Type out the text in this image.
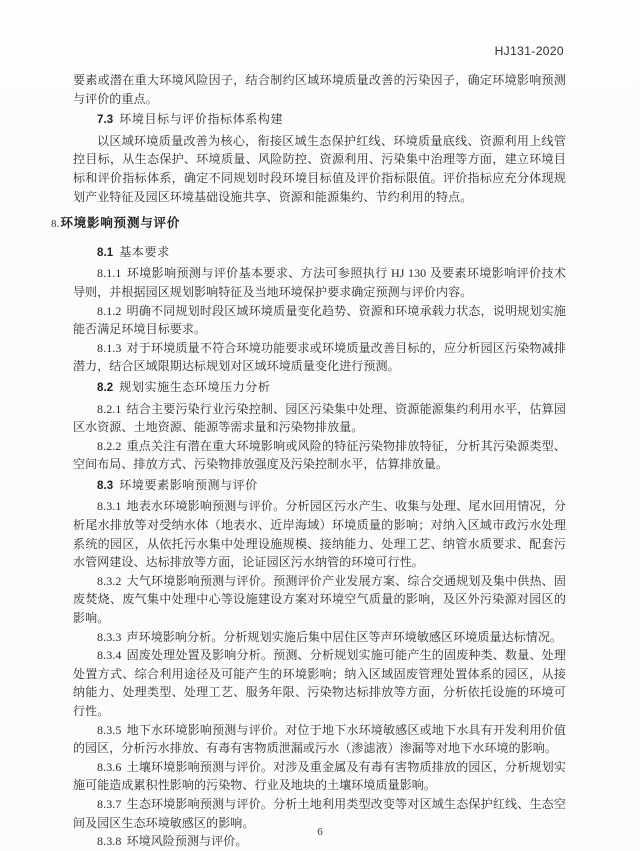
HJ131-2020
要素或潜在重大环境风险因子，结合制约区域环境质量改善的污染因子，确定环境影响预测与评价的重点。
7.3 环境目标与评价指标体系构建
以区域环境质量改善为核心，衔接区域生态保护红线、环境质量底线、资源利用上线管控目标，从生态保护、环境质量、风险防控、资源利用、污染集中治理等方面，建立环境目标和评价指标体系，确定不同规划时段环境目标值及评价指标限值。评价指标应充分体现规划产业特征及园区环境基础设施共享、资源和能源集约、节约利用的特点。
8.环境影响预测与评价
8.1 基本要求
8.1.1 环境影响预测与评价基本要求、方法可参照执行 HJ 130 及要素环境影响评价技术导则，并根据园区规划影响特征及当地环境保护要求确定预测与评价内容。
8.1.2 明确不同规划时段区域环境质量变化趋势、资源和环境承载力状态，说明规划实施能否满足环境目标要求。
8.1.3 对于环境质量不符合环境功能要求或环境质量改善目标的，应分析园区污染物减排潜力，结合区域限期达标规划对区域环境质量变化进行预测。
8.2 规划实施生态环境压力分析
8.2.1 结合主要污染行业污染控制、园区污染集中处理、资源能源集约利用水平，估算园区水资源、土地资源、能源等需求量和污染物排放量。
8.2.2 重点关注有潜在重大环境影响或风险的特征污染物排放特征，分析其污染源类型、空间布局、排放方式、污染物排放强度及污染控制水平，估算排放量。
8.3 环境要素影响预测与评价
8.3.1 地表水环境影响预测与评价。分析园区污水产生、收集与处理、尾水回用情况，分析尾水排放等对受纳水体（地表水、近岸海域）环境质量的影响；对纳入区域市政污水处理系统的园区，从依托污水集中处理设施规模、接纳能力、处理工艺、纳管水质要求、配套污水管网建设、达标排放等方面，论证园区污水纳管的环境可行性。
8.3.2 大气环境影响预测与评价。预测评价产业发展方案、综合交通规划及集中供热、固废焚烧、废气集中处理中心等设施建设方案对环境空气质量的影响，及区外污染源对园区的影响。
8.3.3 声环境影响分析。分析规划实施后集中居住区等声环境敏感区环境质量达标情况。
8.3.4 固废处理处置及影响分析。预测、分析规划实施可能产生的固废种类、数量、处理处置方式、综合利用途径及可能产生的环境影响；纳入区域固废管理处置体系的园区，从接纳能力、处理类型、处理工艺、服务年限、污染物达标排放等方面，分析依托设施的环境可行性。
8.3.5 地下水环境影响预测与评价。对位于地下水环境敏感区或地下水具有开发利用价值的园区，分析污水排放、有毒有害物质泄漏或污水（渗滤液）渗漏等对地下水环境的影响。
8.3.6 土壤环境影响预测与评价。对涉及重金属及有毒有害物质排放的园区，分析规划实施可能造成累积性影响的污染物、行业及地块的土壤环境质量影响。
8.3.7 生态环境影响预测与评价。分析土地利用类型改变等对区域生态保护红线、生态空间及园区生态环境敏感区的影响。
8.3.8 环境风险预测与评价。
6
